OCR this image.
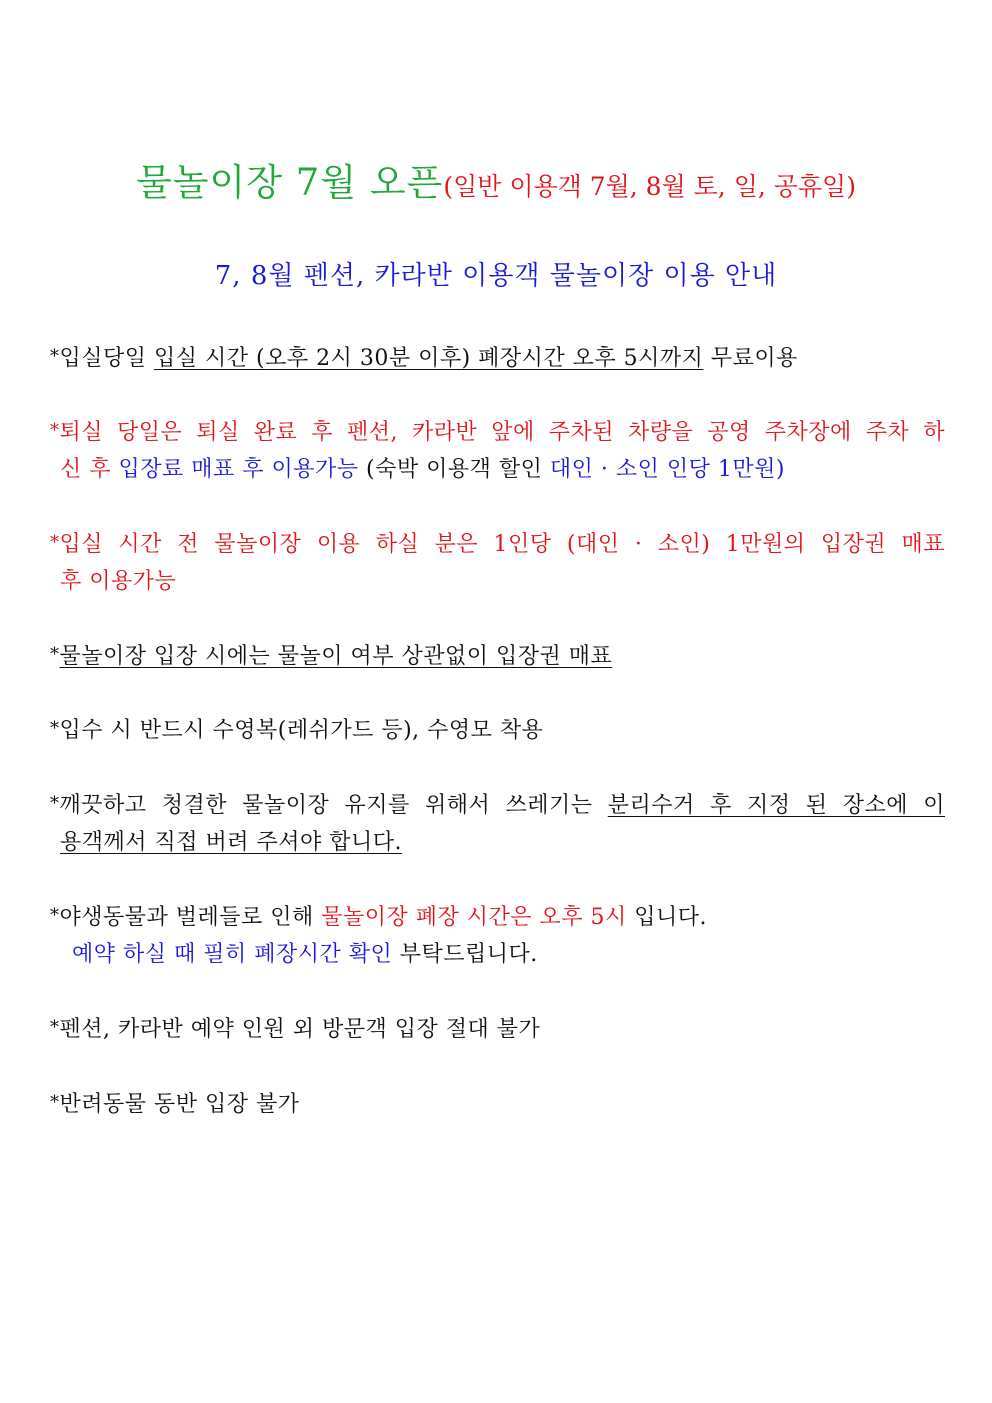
물놀이장 7월 오픈(일반 이용객 7월, 8월 토, 일, 공휴일)
7, 8월 펜션, 카라반 이용객 물놀이장 이용 안내
*입실당일 입실 시간 (오후 2시 30분 이후) 폐장시간 오후 5시까지 무료이용
*퇴실 당일은 퇴실 완료 후 펜션, 카라반 앞에 주차된 차량을 공영 주차장에 주차 하
신 후 입장료 매표 후 이용가능 (숙박 이용객 할인 대인 · 소인 인당 1만원)
*입실 시간 전 물놀이장 이용 하실 분은 1인당 (대인 · 소인) 1만원의 입장권 매표
후 이용가능
*물놀이장 입장 시에는 물놀이 여부 상관없이 입장권 매표
*입수 시 반드시 수영복(레쉬가드 등), 수영모 착용
*깨끗하고 청결한 물놀이장 유지를 위해서 쓰레기는 분리수거 후 지정 된 장소에 이
용객께서 직접 버려 주셔야 합니다.
*야생동물과 벌레들로 인해 물놀이장 폐장 시간은 오후 5시 입니다.
예약 하실 때 필히 폐장시간 확인 부탁드립니다.
*펜션, 카라반 예약 인원 외 방문객 입장 절대 불가
*반려동물 동반 입장 불가
